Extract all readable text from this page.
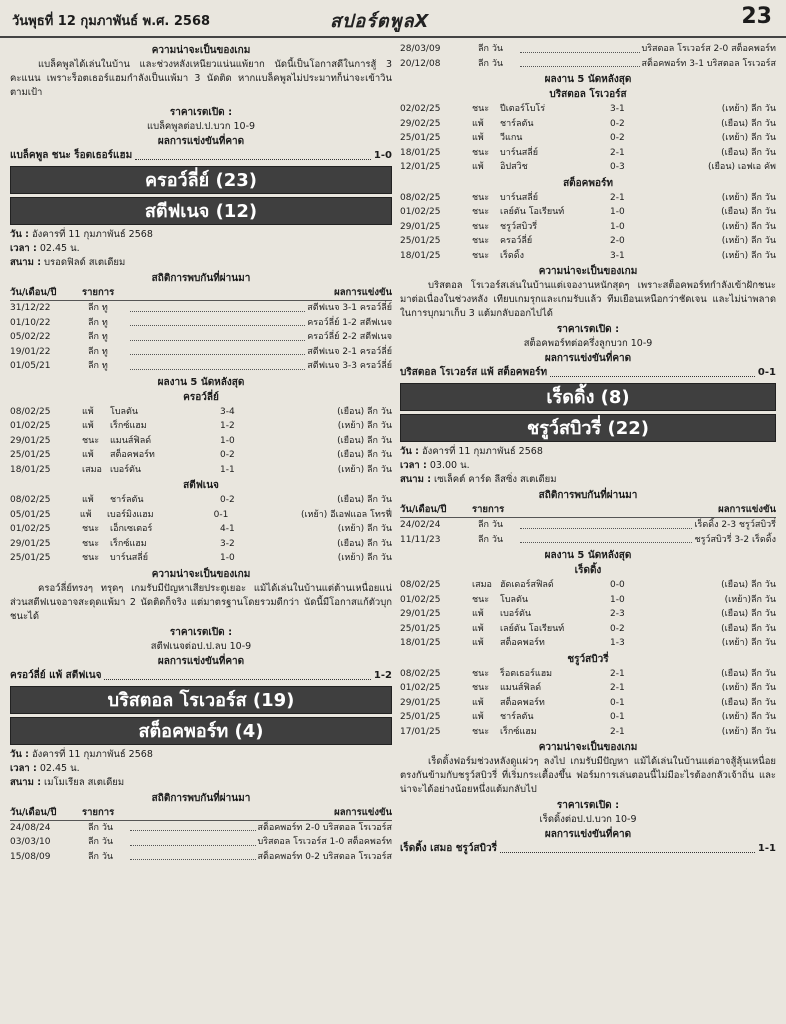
วันพุธที่ 12 กุมภาพันธ์ พ.ศ. 2568	สปอร์ตพูลX	23
ความน่าจะเป็นของเกม
แบล็คพูลได้เล่นในบ้าน และช่วงหลังเหนียวแน่นแพ้ยาก นัดนี้เป็นโอกาสดีในการสู้ 3 คะแนน เพราะร็อตเธอร์แฮมกำลังเป็นแพ้มา 3 นัดติด หากแบล็คพูลไม่ประมาทก็น่าจะเข้าวินตามเป้า
ราคาเรตเปิด :
แบล็คพูลต่อป.ป.บวก 10-9
ผลการแข่งขันที่คาด
แบล็คพูล ชนะ ร็อตเธอร์แฮม	1-0
ครอว์ลี่ย์ (23)
สตีฟเนจ (12)
วัน : อังคารที่ 11 กุมภาพันธ์ 2568
เวลา : 02.45 น.
สนาม : บรอดฟิลด์ สเตเดียม
สถิติการพบกันที่ผ่านมา
วัน/เดือน/ปี	รายการ	ผลการแข่งขัน
31/12/22	ลีก ทู	สตีฟเนจ 3-1 ครอว์ลี่ย์
01/10/22	ลีก ทู	ครอว์ลี่ย์ 1-2 สตีฟเนจ
05/02/22	ลีก ทู	ครอว์ลี่ย์ 2-2 สตีฟเนจ
19/01/22	ลีก ทู	สตีฟเนจ 2-1 ครอว์ลี่ย์
01/05/21	ลีก ทู	สตีฟเนจ 3-3 ครอว์ลี่ย์
ผลงาน 5 นัดหลังสุด
ครอว์ลี่ย์
08/02/25	แพ้	โบลตัน	3-4	(เยือน) ลีก วัน
01/02/25	แพ้	เร็กซ์แฮม	1-2	(เหย้า) ลีก วัน
29/01/25	ชนะ	แมนส์ฟิลด์	1-0	(เยือน) ลีก วัน
25/01/25	แพ้	สต็อคพอร์ท	0-2	(เยือน) ลีก วัน
18/01/25	เสมอ เบอร์ตัน	1-1	(เหย้า) ลีก วัน
สตีฟเนจ
08/02/25	แพ้	ชาร์ลตัน	0-2	(เยือน) ลีก วัน
05/01/25	แพ้	เบอร์มิงแฮม	0-1	(เหย้า) อีเอฟแอล โทรฟี่
01/02/25	ชนะ	เอ็กเซเตอร์	4-1	(เหย้า) ลีก วัน
29/01/25	ชนะ	เร็กซ์แฮม	3-2	(เยือน) ลีก วัน
25/01/25	ชนะ	บาร์นสลี่ย์	1-0	(เหย้า) ลีก วัน
ความน่าจะเป็นของเกม
ครอว์ลี่ย์ทรงๆ ทรุดๆ เกมรับมีปัญหาเสียประตูเยอะ แม้ได้เล่นในบ้านแต่ต้านเหนื่อยแน่ ส่วนสตีฟเนจอาจสะดุดแพ้มา 2 นัดติดก็จริง แต่มาตรฐานโดยรวมดีกว่า นัดนี้มีโอกาสแก้ตัวบุกชนะได้
ราคาเรตเปิด :
สตีฟเนจต่อป.ป.ลบ 10-9
ผลการแข่งขันที่คาด
ครอว์ลี่ย์ แพ้ สตีฟเนจ	1-2
บริสตอล โรเวอร์ส (19)
สต็อคพอร์ท (4)
วัน : อังคารที่ 11 กุมภาพันธ์ 2568
เวลา : 02.45 น.
สนาม : เมโมเรียล สเตเดียม
สถิติการพบกันที่ผ่านมา
วัน/เดือน/ปี	รายการ	ผลการแข่งขัน
24/08/24	ลีก วัน	สต็อคพอร์ท 2-0 บริสตอล โรเวอร์ส
03/03/10	ลีก วัน	บริสตอล โรเวอร์ส 1-0 สต็อคพอร์ท
15/08/09	ลีก วัน	สต็อคพอร์ท 0-2 บริสตอล โรเวอร์ส
28/03/09	ลีก วัน	บริสตอล โรเวอร์ส 2-0 สต็อคพอร์ท
20/12/08	ลีก วัน	สต็อคพอร์ท 3-1 บริสตอล โรเวอร์ส
ผลงาน 5 นัดหลังสุด
บริสตอล โรเวอร์ส
02/02/25	ชนะ	ปีเตอร์โบโร่	3-1	(เหย้า) ลีก วัน
29/02/25	แพ้	ชาร์ลตัน	0-2	(เยือน) ลีก วัน
25/01/25	แพ้	วีแกน	0-2	(เหย้า) ลีก วัน
18/01/25	ชนะ	บาร์นสลี่ย์	2-1	(เยือน) ลีก วัน
12/01/25	แพ้	อิปสวิช	0-3	(เยือน) เอฟเอ คัพ
สต็อคพอร์ท
08/02/25	ชนะ	บาร์นสลี่ย์	2-1	(เหย้า) ลีก วัน
01/02/25	ชนะ	เลย์ตัน โอเรียนท์	1-0	(เยือน) ลีก วัน
29/01/25	ชนะ	ชรูว์สบิวรี่	1-0	(เหย้า) ลีก วัน
25/01/25	ชนะ	ครอว์ลี่ย์	2-0	(เหย้า) ลีก วัน
18/01/25	ชนะ	เร็ดดิ้ง	3-1	(เหย้า) ลีก วัน
ความน่าจะเป็นของเกม
บริสตอล โรเวอร์สเล่นในบ้านแต่เจองานหนักสุดๆ เพราะสต็อคพอร์ทกำลังเข้าฝักชนะมาต่อเนื่องในช่วงหลัง เทียบเกมรุกและเกมรับแล้ว ทีมเยือนเหนือกว่าชัดเจน และไม่น่าพลาดในการบุกมาเก็บ 3 แต้มกลับออกไปได้
ราคาเรตเปิด :
สต็อคพอร์ทต่อครึ่งลูกบวก 10-9
ผลการแข่งขันที่คาด
บริสตอล โรเวอร์ส แพ้ สต็อคพอร์ท	0-1
เร็ดดิ้ง (8)
ชรูว์สบิวรี่ (22)
วัน : อังคารที่ 11 กุมภาพันธ์ 2568
เวลา : 03.00 น.
สนาม : เซเล็คต์ คาร์ด ลีสซิ่ง สเตเดียม
สถิติการพบกันที่ผ่านมา
วัน/เดือน/ปี	รายการ	ผลการแข่งขัน
24/02/24	ลีก วัน	เร็ดดิ้ง 2-3 ชรูว์สบิวรี่
11/11/23	ลีก วัน	ชรูว์สบิวรี่ 3-2 เร็ดดิ้ง
ผลงาน 5 นัดหลังสุด
เร็ดดิ้ง
08/02/25	เสมอ ฮัดเดอร์สฟิลด์	0-0	(เยือน) ลีก วัน
01/02/25	ชนะ	โบลตัน	1-0	(เหย้า)ลีก วัน
29/01/25	แพ้	เบอร์ตัน	2-3	(เยือน) ลีก วัน
25/01/25	แพ้	เลย์ตัน โอเรียนท์	0-2	(เยือน) ลีก วัน
18/01/25	แพ้	สต็อคพอร์ท	1-3	(เหย้า) ลีก วัน
ชรูว์สบิวรี่
08/02/25	ชนะ	ร็อตเธอร์แฮม	2-1	(เยือน) ลีก วัน
01/02/25	ชนะ	แมนส์ฟิลด์	2-1	(เหย้า) ลีก วัน
29/01/25	แพ้	สต็อคพอร์ท	0-1	(เยือน) ลีก วัน
25/01/25	แพ้	ชาร์ลตัน	0-1	(เหย้า) ลีก วัน
17/01/25	ชนะ	เร็กซ์แฮม	2-1	(เหย้า) ลีก วัน
ความน่าจะเป็นของเกม
เร็ดดิ้งฟอร์มช่วงหลังดูแผ่วๆ ลงไป เกมรับมีปัญหา แม้ได้เล่นในบ้านแต่อาจสู้ลุ้นเหนื่อย ตรงกันข้ามกับชรูว์สบิวรี่ ที่เริ่มกระเตื้องขึ้น ฟอร์มการเล่นตอนนี้ไม่มีอะไรต้องกลัวเจ้าถิ่น และน่าจะได้อย่างน้อยหนึ่งแต้มกลับไป
ราคาเรตเปิด :
เร็ดดิ้งต่อป.ป.บวก 10-9
ผลการแข่งขันที่คาด
เร็ดดิ้ง เสมอ ชรูว์สบิวรี่	1-1
